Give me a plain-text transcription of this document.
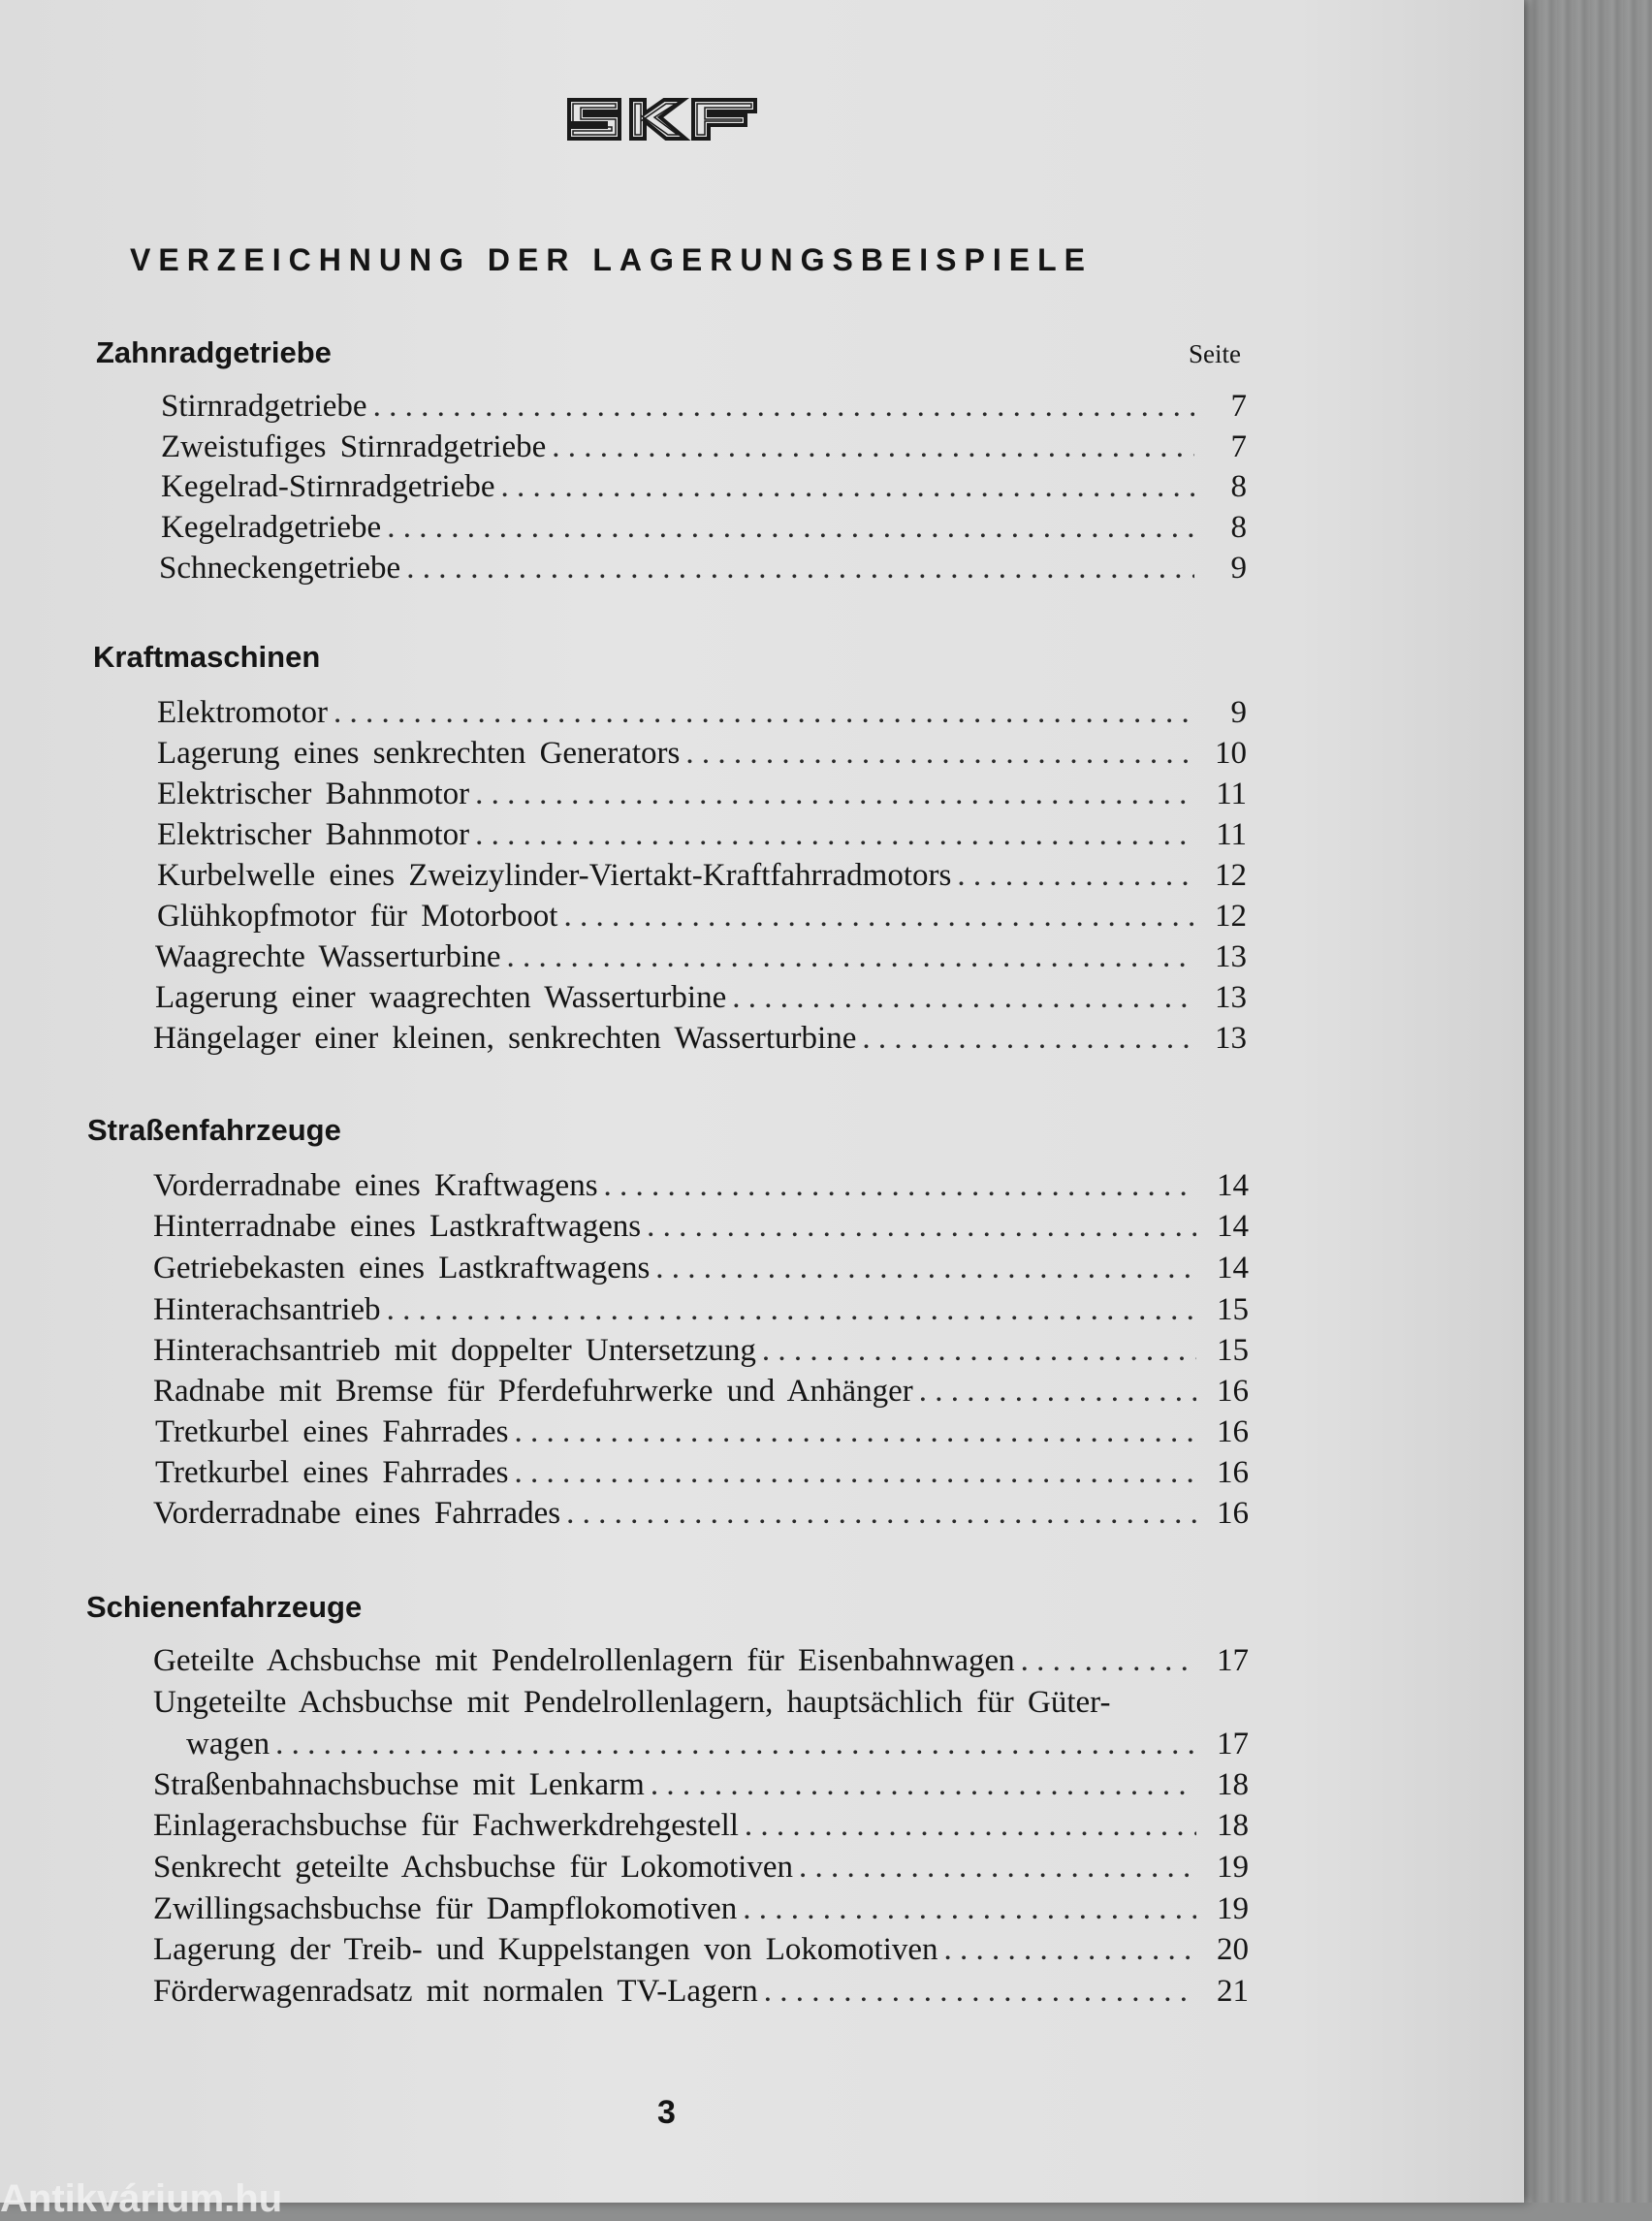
VERZEICHNUNG DER LAGERUNGSBEISPIELE
Seite
Zahnradgetriebe
Stirnradgetriebe . . .	7
Zweistufiges Stirnradgetriebe . . .	7
Kegelrad-Stirnradgetriebe . . .	8
Kegelradgetriebe . . .	8
Schneckengetriebe . . .	9
Kraftmaschinen
Elektromotor . . .	9
Lagerung eines senkrechten Generators . . .	10
Elektrischer Bahnmotor . . .	11
Elektrischer Bahnmotor . . .	11
Kurbelwelle eines Zweizylinder-Viertakt-Kraftfahrradmotors . . .	12
Glühkopfmotor für Motorboot . . .	12
Waagrechte Wasserturbine . . .	13
Lagerung einer waagrechten Wasserturbine . . .	13
Hängelager einer kleinen, senkrechten Wasserturbine . . .	13
Straßenfahrzeuge
Vorderradnabe eines Kraftwagens . . .	14
Hinterradnabe eines Lastkraftwagens . . .	14
Getriebekasten eines Lastkraftwagens . . .	14
Hinterachsantrieb . . .	15
Hinterachsantrieb mit doppelter Untersetzung . . .	15
Radnabe mit Bremse für Pferdefuhrwerke und Anhänger . . .	16
Tretkurbel eines Fahrrades . . .	16
Tretkurbel eines Fahrrades . . .	16
Vorderradnabe eines Fahrrades . . .	16
Schienenfahrzeuge
Geteilte Achsbuchse mit Pendelrollenlagern für Eisenbahnwagen . . .	17
Ungeteilte Achsbuchse mit Pendelrollenlagern, hauptsächlich für Güter-
wagen . . .	17
Straßenbahnachsbuchse mit Lenkarm . . .	18
Einlagerachsbuchse für Fachwerkdrehgestell . . .	18
Senkrecht geteilte Achsbuchse für Lokomotiven . . .	19
Zwillingsachsbuchse für Dampflokomotiven . . .	19
Lagerung der Treib- und Kuppelstangen von Lokomotiven . . .	20
Förderwagenradsatz mit normalen TV-Lagern . . .	21
3
Antikvárium.hu
